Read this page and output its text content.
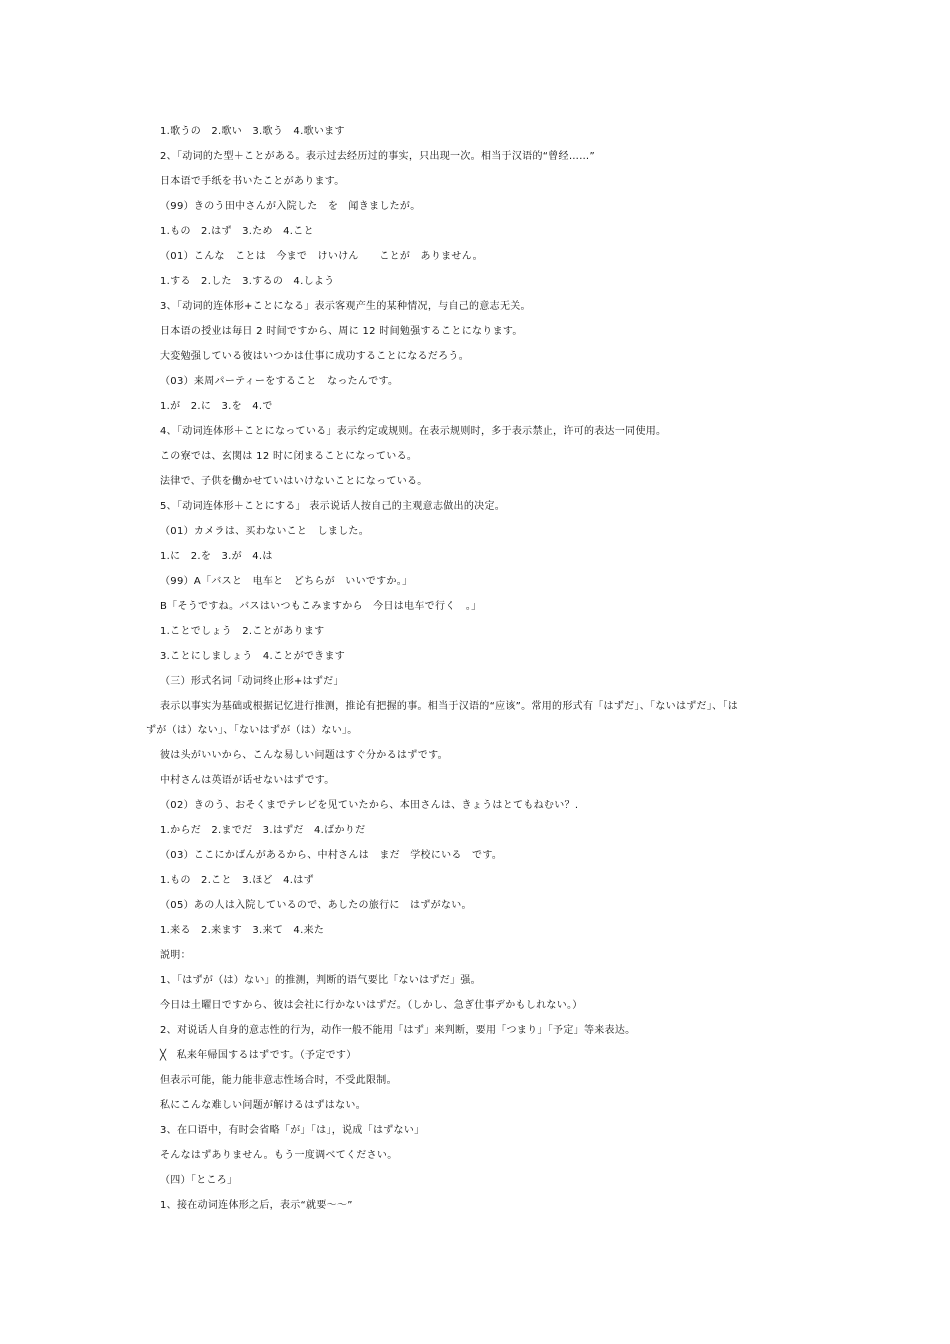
1.歌うの　2.歌い　3.歌う　4.歌います
2、「动词的た型＋ことがある。表示过去经历过的事实，只出现一次。相当于汉语的“曾经……”
日本语で手纸を书いたことがあります。
（99）きのう田中さんが入院した　を　闻きましたが。
1.もの　2.はず　3.ため　4.こと
（01）こんな　ことは　今まで　けいけん　　ことが　ありません。
1.する　2.した　3.するの　4.しよう
3、「动词的连体形+ことになる」表示客观产生的某种情况，与自己的意志无关。
日本语の授业は毎日 2 时间ですから、周に 12 时间勉强することになります。
大変勉强している彼はいつかは仕事に成功することになるだろう。
（03）来周パーティーをすること　なったんです。
1.が　2.に　3.を　4.で
4、「动词连体形＋ことになっている」表示约定或规则。在表示规则时，多于表示禁止，许可的表达一同使用。
この寮では、玄関は 12 时に闭まることになっている。
法律で、子供を働かせていはいけないことになっている。
5、「动词连体形＋ことにする」 表示说话人按自己的主观意志做出的决定。
（01）カメラは、买わないこと　しました。
1.に　2.を　3.が　4.は
（99）A「バスと　电车と　どちらが　いいですか。」
B「そうですね。バスはいつもこみますから　今日は电车で行く　。」
1.ことでしょう　2.ことがあります
3.ことにしましょう　4.ことができます
（三）形式名词「动词终止形+はずだ」
表示以事实为基础或根据记忆进行推测，推论有把握的事。相当于汉语的“应该”。常用的形式有「はずだ」、「ないはずだ」、「は
ずが（は）ない」、「ないはずが（は）ない」。
彼は头がいいから、こんな易しい问题はすぐ分かるはずです。
中村さんは英语が话せないはずです。
（02）きのう、おそくまでテレビを见ていたから、本田さんは、きょうはとてもねむい？.
1.からだ　2.までだ　3.はずだ　4.ばかりだ
（03）ここにかばんがあるから、中村さんは　まだ　学校にいる　です。
1.もの　2.こと　3.ほど　4.はず
（05）あの人は入院しているので、あしたの旅行に　はずがない。
1.来る　2.来ます　3.来て　4.来た
説明：
1、「はずが（は）ない」的推测，判断的语气要比「ないはずだ」强。
今日は土曜日ですから、彼は会社に行かないはずだ。（しかし、急ぎ仕事デかもしれない。）
2、对说话人自身的意志性的行为，动作一般不能用「はず」来判断，要用「つまり」「予定」等来表达。
╳　私来年帰国するはずです。（予定です）
但表示可能，能力能非意志性场合时，不受此限制。
私にこんな难しい问题が解けるはずはない。
3、在口语中，有时会省略「が」「は」，说成「はずない」
そんなはずありません。もう一度调べてください。
（四）「ところ」
1、接在动词连体形之后，表示“就要～～”
